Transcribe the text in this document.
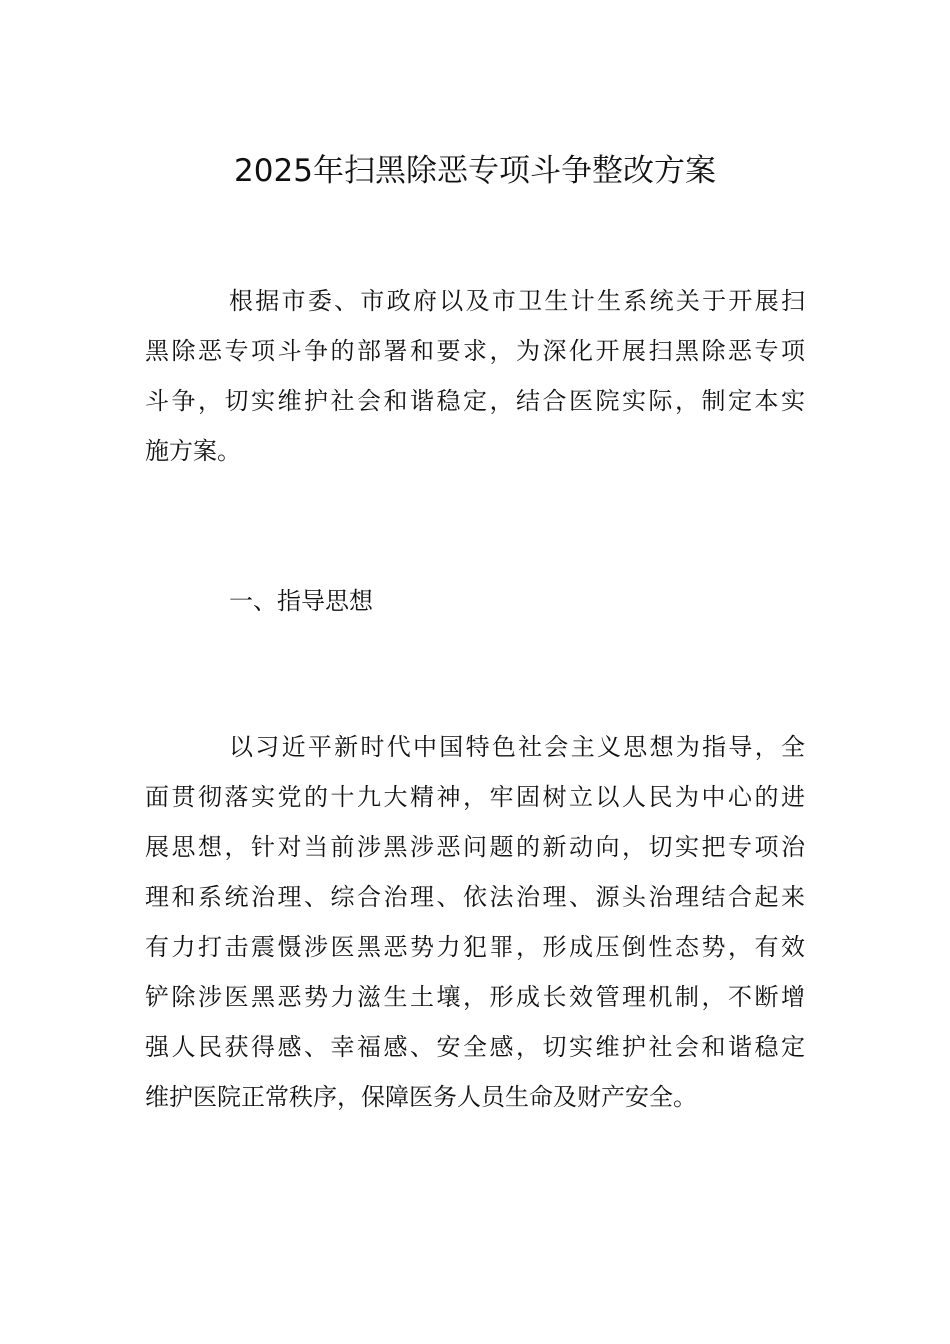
2025年扫黑除恶专项斗争整改方案
根据市委、市政府以及市卫生计生系统关于开展扫
黑除恶专项斗争的部署和要求，为深化开展扫黑除恶专项
斗争，切实维护社会和谐稳定，结合医院实际，制定本实
施方案。

一、指导思想

以习近平新时代中国特色社会主义思想为指导，全
面贯彻落实党的十九大精神，牢固树立以人民为中心的进
展思想，针对当前涉黑涉恶问题的新动向，切实把专项治
理和系统治理、综合治理、依法治理、源头治理结合起来
有力打击震慑涉医黑恶势力犯罪，形成压倒性态势，有效
铲除涉医黑恶势力滋生土壤，形成长效管理机制，不断增
强人民获得感、幸福感、安全感，切实维护社会和谐稳定
维护医院正常秩序，保障医务人员生命及财产安全。
